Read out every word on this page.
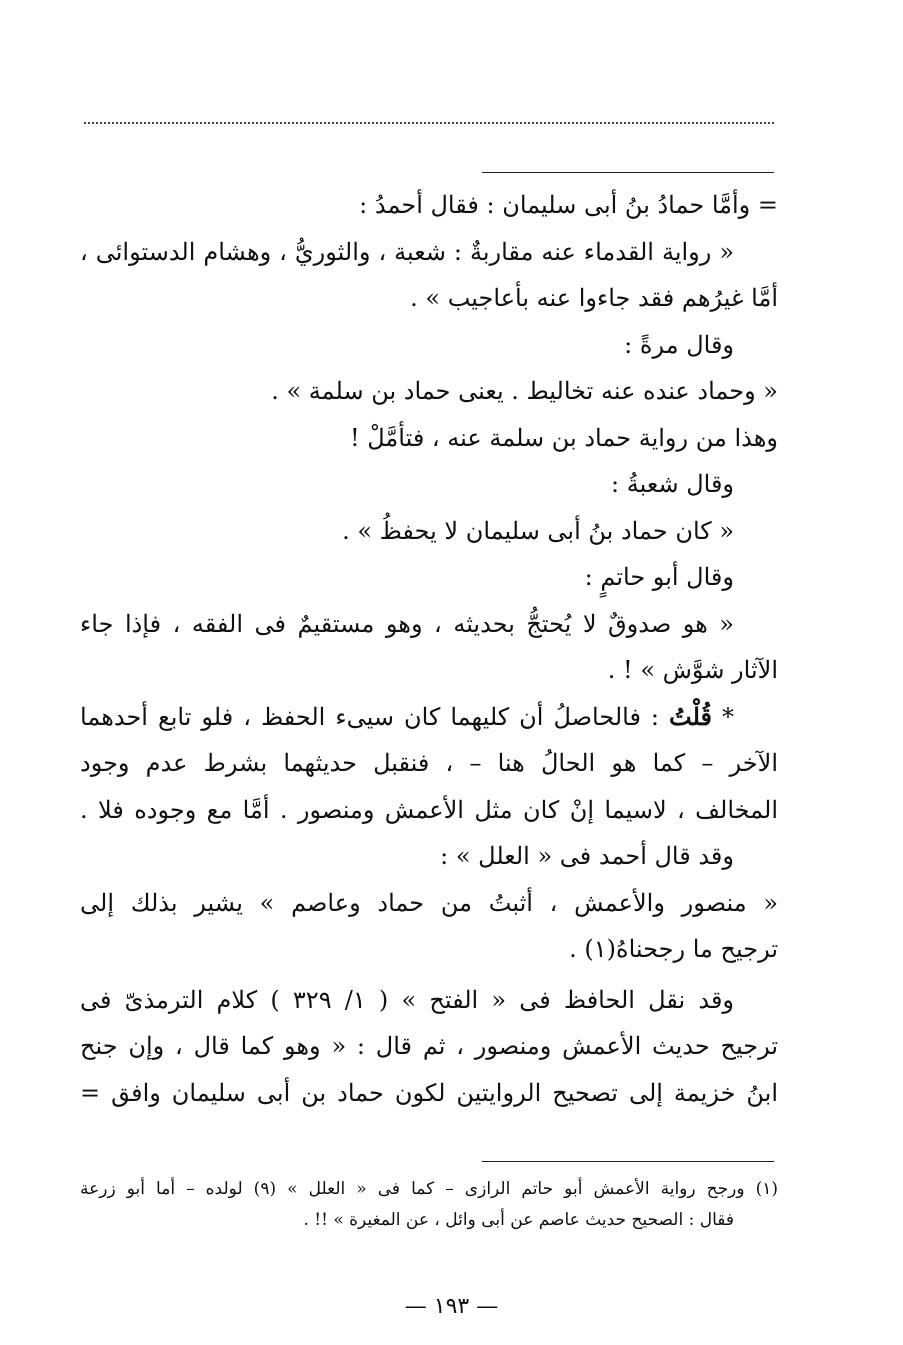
= وأمَّا حمادُ بنُ أبى سليمان : فقال أحمدُ :
« رواية القدماء عنه مقاربةٌ : شعبة ، والثوريُّ ، وهشام الدستوائى ،
أمَّا غيرُهم فقد جاءوا عنه بأعاجيب » .
وقال مرةً :
« وحماد عنده عنه تخاليط . يعنى حماد بن سلمة » .
وهذا من رواية حماد بن سلمة عنه ، فتأمَّلْ !
وقال شعبةُ :
« كان حماد بنُ أبى سليمان لا يحفظُ » .
وقال أبو حاتمٍ :
« هو صدوقٌ لا يُحتجُّ بحديثه ، وهو مستقيمٌ فى الفقه ، فإذا جاء
الآثار شوَّش » ! .
* قُلْتُ : فالحاصلُ أن كليهما كان سيىء الحفظ ، فلو تابع أحدهما
الآخر – كما هو الحالُ هنا – ، فنقبل حديثهما بشرط عدم وجود
المخالف ، لاسيما إنْ كان مثل الأعمش ومنصور . أمَّا مع وجوده فلا .
وقد قال أحمد فى « العلل » :
« منصور والأعمش ، أثبتُ من حماد وعاصم » يشير بذلك إلى
ترجيح ما رجحناهُ(١) .
وقد نقل الحافظ فى « الفتح » ( ١/ ٣٢٩ ) كلام الترمذىّ فى
ترجيح حديث الأعمش ومنصور ، ثم قال : « وهو كما قال ، وإن جنح
ابنُ خزيمة إلى تصحيح الروايتين لكون حماد بن أبى سليمان وافق =
(١) ورجح رواية الأعمش أبو حاتم الرازى – كما فى « العلل » (٩) لولده – أما أبو زرعة
فقال : الصحيح حديث عاصم عن أبى وائل ، عن المغيرة » !! .
— ١٩٣ —
